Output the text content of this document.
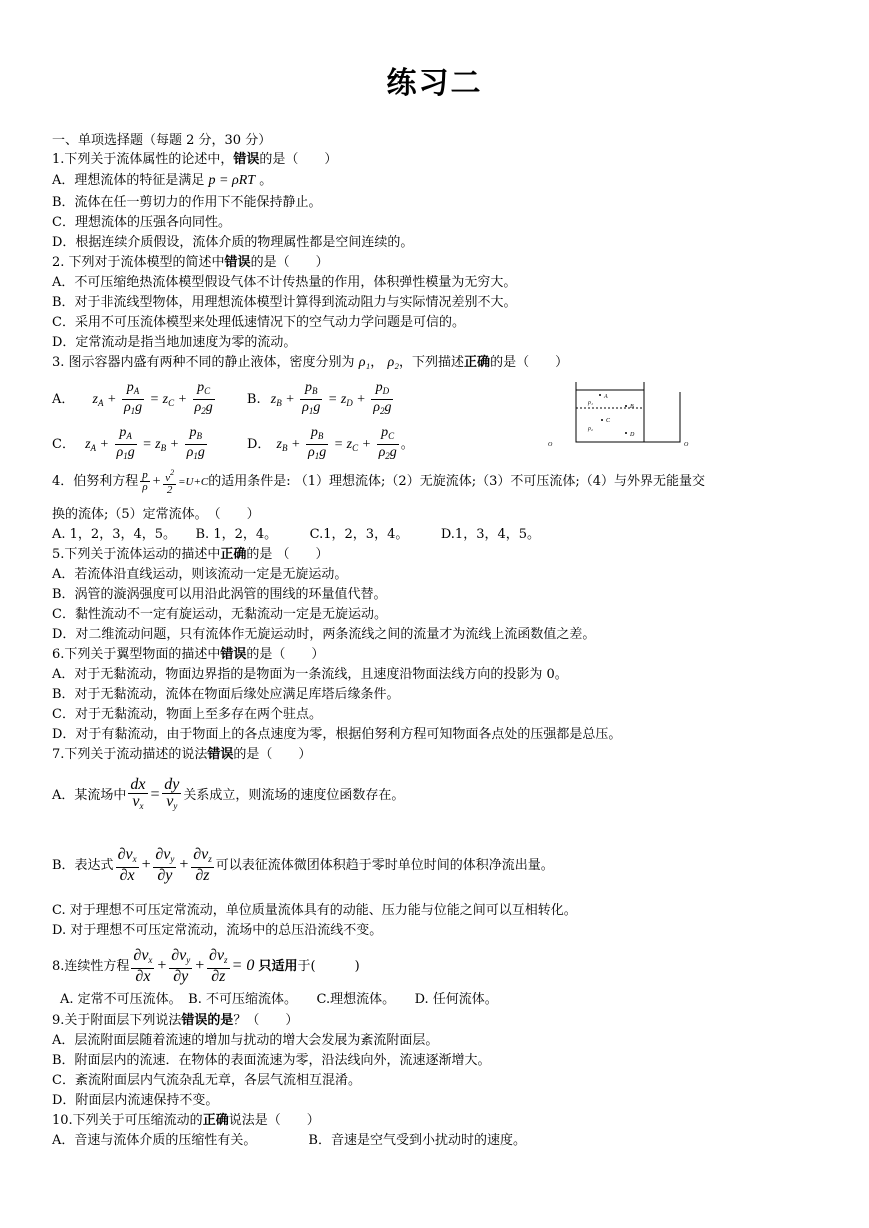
练习二
一、单项选择题（每题 2 分，30 分）
1.下列关于流体属性的论述中，错误的是（　　）
A．理想流体的特征是满足 p = ρRT 。
B．流体在任一剪切力的作用下不能保持静止。
C．理想流体的压强各向同性。
D．根据连续介质假设，流体介质的物理属性都是空间连续的。
2. 下列对于流体模型的简述中错误的是（　　）
A．不可压缩绝热流体模型假设气体不计传热量的作用，体积弹性模量为无穷大。
B．对于非流线型物体，用理想流体模型计算得到流动阻力与实际情况差别不大。
C．采用不可压流体模型来处理低速情况下的空气动力学问题是可信的。
D．定常流动是指当地加速度为零的流动。
3. 图示容器内盛有两种不同的静止液体，密度分别为 ρ₁， ρ₂，下列描述正确的是（　　）
A． $z_A + \frac{p_A}{\rho_1g} = z_C + \frac{p_C}{\rho_2g} B$. $z_B + \frac{p_B}{\rho_1g} = z_D + \frac{p_D}{\rho_2g}$
C． $z_A + \frac{p_A}{\rho_1g} = z_B + \frac{p_B}{\rho_1g}$	D． $z_B + \frac{p_B}{\rho_1g} = z_C + \frac{p_C}{\rho_2g}$ 。
A
B
C
D
ρ₁
ρ₂
O	O
4．伯努利方程 $\frac{p}{\rho} + \frac{v^2}{2} =U+C$的适用条件是: （1）理想流体;（2）无旋流体;（3）不可压流体;（4）与外界无能量交
换的流体;（5）定常流体。　（　　）
A. 1，2，3，4，5。　　B. 1，2，4。　　　C.1，2，3，4。　　　D.1，3，4，5。
5.下列关于流体运动的描述中正确的是 （　　）
A．若流体沿直线运动，则该流动一定是无旋运动。
B．涡管的漩涡强度可以用沿此涡管的围线的环量值代替。
C．黏性流动不一定有旋运动，无黏流动一定是无旋运动。
D．对二维流动问题，只有流体作无旋运动时，两条流线之间的流量才为流线上流函数值之差。
6.下列关于翼型物面的描述中错误的是（　　）
A．对于无黏流动，物面边界指的是物面为一条流线，且速度沿物面法线方向的投影为 0。
B．对于无黏流动，流体在物面后缘处应满足库塔后缘条件。
C．对于无黏流动，物面上至多存在两个驻点。
D．对于有黏流动，由于物面上的各点速度为零，根据伯努利方程可知物面各点处的压强都是总压。
7.下列关于流动描述的说法错误的是（　　）
A．某流场中 $\frac{dx}{v_x} = \frac{dy}{v_y}$ 关系成立，则流场的速度位函数存在。
B．表达式 $\frac{\partial v_x}{\partial x} + \frac{\partial v_y}{\partial y} + \frac{\partial v_z}{\partial z}$ 可以表征流体微团体积趋于零时单位时间的体积净流出量。
C. 对于理想不可压定常流动，单位质量流体具有的动能、压力能与位能之间可以互相转化。
D. 对于理想不可压定常流动，流场中的总压沿流线不变。
8.连续性方程 $\frac{\partial v_x}{\partial x} + \frac{\partial v_y}{\partial y} + \frac{\partial v_z}{\partial z} = 0$ 只适用于(　　　)
A. 定常不可压流体。　B. 不可压缩流体。　　C.理想流体。　　D. 任何流体。
9.关于附面层下列说法错误的是？（　　）
A．层流附面层随着流速的增加与扰动的增大会发展为紊流附面层。
B．附面层内的流速．在物体的表面流速为零，沿法线向外，流速逐渐增大。
C．紊流附面层内气流杂乱无章，各层气流相互混淆。
D．附面层内流速保持不变。
10.下列关于可压缩流动的正确说法是（　　）
A．音速与流体介质的压缩性有关。	B．音速是空气受到小扰动时的速度。
